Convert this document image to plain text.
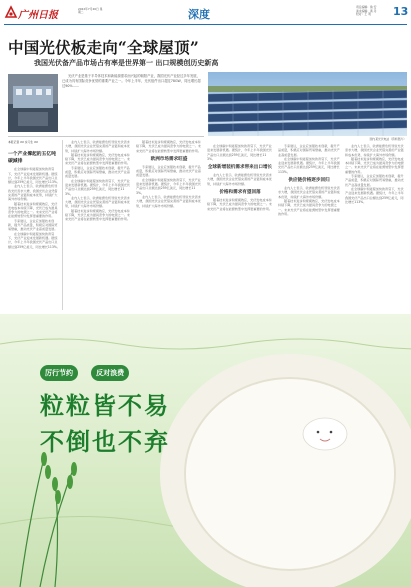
广州日报
2022年7月26日 星期二	深度
责任编辑：鲁 安
美术编辑：黄 丹
校对：王 利	13
中国光伏板走向“全球屋顶”
我国光伏备产品市场占有率是世界第一 出口规模创历史新高

光伏产业是基于半导体技术和新能源需求而兴起的朝阳产业，我国光伏产业经过多年发展，已成为具有国际竞争优势的重要产业之一。今年上半年，光伏组件出口超过78GW，同比增长超过90%……

国内某光伏电站（资料图片）
本报记者 XX 实习生 XX
一个产业撑起的五亿吨碳減排

在全球碳中和进程加快的背景下，光伏产业迎来发展新机遇。据统计，今年上半年我国光伏产品出口总额达到259亿美元，同比增长113%。

业内人士表示，欧洲能源危机导致光伏需求大增，我国光伏企业凭借完善的产业链和成本优势，持续扩大海外市场份额。

随着技术进步和规模效应，光伏发电成本持续下降，光伏已成为最具竞争力的电源之一。未来光伏产业将在能源转型中发挥更重要的作用。

专家建议，企业应加强技术创新，提升产品质量，积极应对国际贸易壁垒，推动光伏产业高质量发展。

在全球碳中和进程加快的背景下，光伏产业迎来发展新机遇。据统计，今年上半年我国光伏产品出口总额达到259亿美元，同比增长113%。

业内人士表示，欧洲能源危机导致光伏需求大增，我国光伏企业凭借完善的产业链和成本优势，持续扩大海外市场份额。

随着技术进步和规模效应，光伏发电成本持续下降，光伏已成为最具竞争力的电源之一。未来光伏产业将在能源转型中发挥更重要的作用。

专家建议，企业应加强技术创新，提升产品质量，积极应对国际贸易壁垒，推动光伏产业高质量发展。

在全球碳中和进程加快的背景下，光伏产业迎来发展新机遇。据统计，今年上半年我国光伏产品出口总额达到259亿美元，同比增长113%。

业内人士表示，欧洲能源危机导致光伏需求大增，我国光伏企业凭借完善的产业链和成本优势，持续扩大海外市场份额。

随着技术进步和规模效应，光伏发电成本持续下降，光伏已成为最具竞争力的电源之一。未来光伏产业将在能源转型中发挥更重要的作用。

随着技术进步和规模效应，光伏发电成本持续下降，光伏已成为最具竞争力的电源之一。未来光伏产业将在能源转型中发挥更重要的作用。

欧洲市场需求旺盛

专家建议，企业应加强技术创新，提升产品质量，积极应对国际贸易壁垒，推动光伏产业高质量发展。

在全球碳中和进程加快的背景下，光伏产业迎来发展新机遇。据统计，今年上半年我国光伏产品出口总额达到259亿美元，同比增长113%。

业内人士表示，欧洲能源危机导致光伏需求大增，我国光伏企业凭借完善的产业链和成本优势，持续扩大海外市场份额。

在全球碳中和进程加快的背景下，光伏产业迎来发展新机遇。据统计，今年上半年我国光伏产品出口总额达到259亿美元，同比增长113%。

全球新增装机需求带来出口增长

业内人士表示，欧洲能源危机导致光伏需求大增，我国光伏企业凭借完善的产业链和成本优势，持续扩大海外市场份额。

价格和需求有望回落

随着技术进步和规模效应，光伏发电成本持续下降，光伏已成为最具竞争力的电源之一。未来光伏产业将在能源转型中发挥更重要的作用。

专家建议，企业应加强技术创新，提升产品质量，积极应对国际贸易壁垒，推动光伏产业高质量发展。

在全球碳中和进程加快的背景下，光伏产业迎来发展新机遇。据统计，今年上半年我国光伏产品出口总额达到259亿美元，同比增长113%。

供应链价格逐步回归

业内人士表示，欧洲能源危机导致光伏需求大增，我国光伏企业凭借完善的产业链和成本优势，持续扩大海外市场份额。

随着技术进步和规模效应，光伏发电成本持续下降，光伏已成为最具竞争力的电源之一。未来光伏产业将在能源转型中发挥更重要的作用。

业内人士表示，欧洲能源危机导致光伏需求大增，我国光伏企业凭借完善的产业链和成本优势，持续扩大海外市场份额。

随着技术进步和规模效应，光伏发电成本持续下降，光伏已成为最具竞争力的电源之一。未来光伏产业将在能源转型中发挥更重要的作用。

专家建议，企业应加强技术创新，提升产品质量，积极应对国际贸易壁垒，推动光伏产业高质量发展。

在全球碳中和进程加快的背景下，光伏产业迎来发展新机遇。据统计，今年上半年我国光伏产品出口总额达到259亿美元，同比增长113%。

厉行节约	反对浪费
粒粒皆不易
不倒也不弃
